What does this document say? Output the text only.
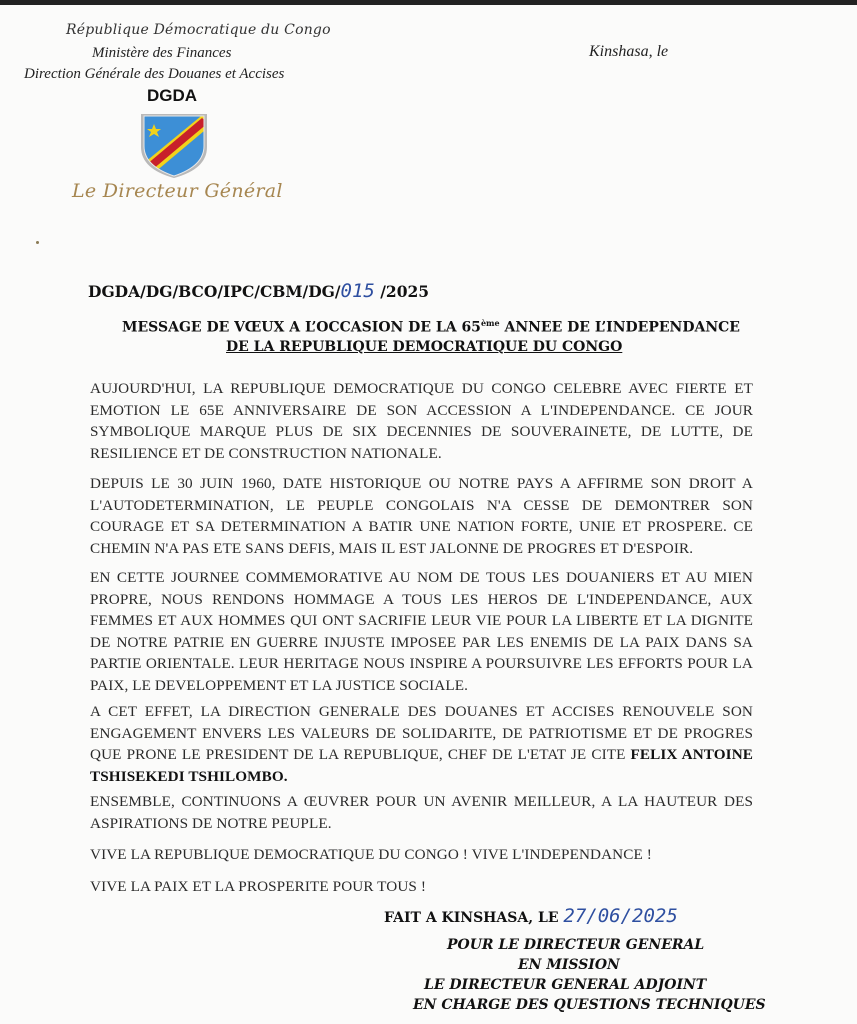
République Démocratique du Congo
Ministère des Finances
Direction Générale des Douanes et Accises
DGDA
Le Directeur Général
Kinshasa, le
DGDA/DG/BCO/IPC/CBM/DG/015 /2025
MESSAGE DE VŒUX A L’OCCASION DE LA 65ème ANNEE DE L’INDEPENDANCE
DE LA REPUBLIQUE DEMOCRATIQUE DU CONGO
AUJOURD'HUI, LA REPUBLIQUE DEMOCRATIQUE DU CONGO CELEBRE AVEC FIERTE ET EMOTION LE 65E ANNIVERSAIRE DE SON ACCESSION A L'INDEPENDANCE. CE JOUR SYMBOLIQUE MARQUE PLUS DE SIX DECENNIES DE SOUVERAINETE, DE LUTTE, DE RESILIENCE ET DE CONSTRUCTION NATIONALE.
DEPUIS LE 30 JUIN 1960, DATE HISTORIQUE OU NOTRE PAYS A AFFIRME SON DROIT A L'AUTODETERMINATION, LE PEUPLE CONGOLAIS N'A CESSE DE DEMONTRER SON COURAGE ET SA DETERMINATION A BATIR UNE NATION FORTE, UNIE ET PROSPERE. CE CHEMIN N'A PAS ETE SANS DEFIS, MAIS IL EST JALONNE DE PROGRES ET D'ESPOIR.
EN CETTE JOURNEE COMMEMORATIVE AU NOM DE TOUS LES DOUANIERS ET AU MIEN PROPRE, NOUS RENDONS HOMMAGE A TOUS LES HEROS DE L'INDEPENDANCE, AUX FEMMES ET AUX HOMMES QUI ONT SACRIFIE LEUR VIE POUR LA LIBERTE ET LA DIGNITE DE NOTRE PATRIE EN GUERRE INJUSTE IMPOSEE PAR LES ENEMIS DE LA PAIX DANS SA PARTIE ORIENTALE. LEUR HERITAGE NOUS INSPIRE A POURSUIVRE LES EFFORTS POUR LA PAIX, LE DEVELOPPEMENT ET LA JUSTICE SOCIALE.
A CET EFFET, LA DIRECTION GENERALE DES DOUANES ET ACCISES RENOUVELE SON ENGAGEMENT ENVERS LES VALEURS DE SOLIDARITE, DE PATRIOTISME ET DE PROGRES QUE PRONE LE PRESIDENT DE LA REPUBLIQUE, CHEF DE L'ETAT JE CITE FELIX ANTOINE TSHISEKEDI TSHILOMBO.
ENSEMBLE, CONTINUONS A ŒUVRER POUR UN AVENIR MEILLEUR, A LA HAUTEUR DES ASPIRATIONS DE NOTRE PEUPLE.
VIVE LA REPUBLIQUE DEMOCRATIQUE DU CONGO ! VIVE L'INDEPENDANCE !
VIVE LA PAIX ET LA PROSPERITE POUR TOUS !
FAIT A KINSHASA, LE 27/06/2025
POUR LE DIRECTEUR GENERAL
EN MISSION
LE DIRECTEUR GENERAL ADJOINT
EN CHARGE DES QUESTIONS TECHNIQUES
